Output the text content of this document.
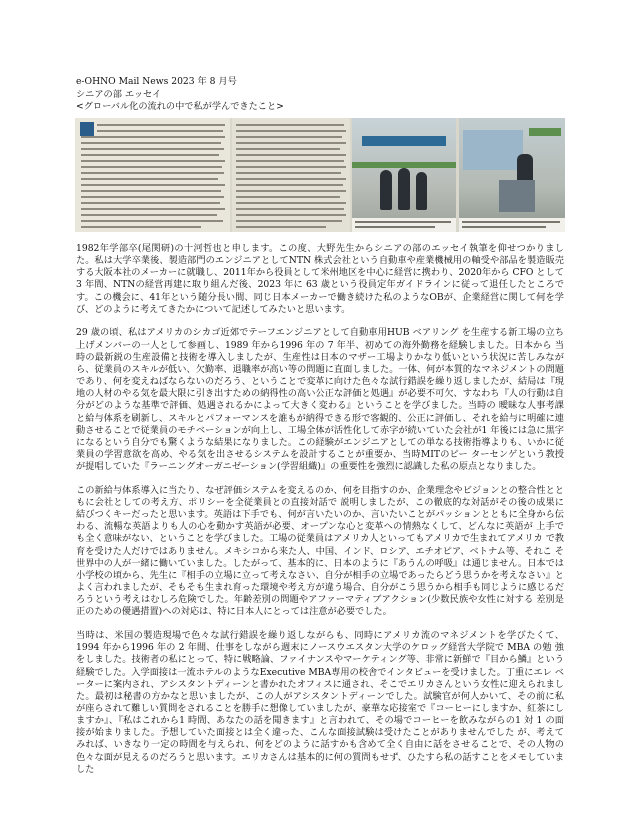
e-OHNO Mail News 2023 年 8 月号
シニアの部 エッセイ
<グローバル化の流れの中で私が学んできたこと>

1982年学部卒(尾関研)の十河哲也と申します。この度、大野先生からシニアの部のエッセイ執筆を仰せつかりました。私は大学卒業後、製造部門のエンジニアとしてNTN 株式会社という自動車や産業機械用の軸受や部品を製造販売する大阪本社のメーカーに就職し、2011年から役員として米州地区を中心に経営に携わり、2020年から CFO として 3 年間、NTNの経営再建に取り組んだ後、2023 年に 63 歳という役員定年ガイドラインに従って退任したところです。この機会に、41年という随分長い間、同じ日本メーカーで働き続けた私のようなOBが、企業経営に関して何を学び、どのように考えてきたかについて記述してみたいと思います。

29 歳の頃、私はアメリカのシカゴ近郊でテーフエンジニアとして自動車用HUB ベアリング を生産する新工場の立ち上げメンバーの一人として参画し、1989 年から1996 年の 7 年半、初めての海外勤務を経験しました。日本から 当時の最新鋭の生産設備と技術を導入しましたが、生産性は日本のマザー工場よりかなり低いという状況に苦しみながら、従業員のスキルが低い、欠勤率、退職率が高い等の問題に直面しました。一体、何が本質的なマネジメントの問題であり、何を変えねばならないのだろう、ということで変革に向けた色々な試行錯誤を繰り返しましたが、結局は『現地の人材のやる気を最大限に引き出すための納得性の高い公正な評価と処遇』が必要不可欠、すなわち『人の行動は自分がどのような基準で評価、処遇されるかによって大きく変わる』ということを学びました。当時の 曖昧な人事考課と給与体系を刷新し、スキルとパフォーマンスを誰もが納得できる形で客観的、公正に評価し、それを給与に明確に連動させることで従業員のモチベーションが向上し、工場全体が活性化して赤字が続いていた会社が1 年後には急に黒字になるという自分でも驚くような結果になりました。この経験がエンジニアとしての単なる技術指導よりも、いかに従業員の学習意欲を高め、やる気を出させるシステムを設計することが重要か、当時MITのピー ターセンゲという教授が提唱していた『ラーニングオーガニゼーション(学習組織)』の重要性を強烈に認識した私の原点となりました。

この新給与体系導入に当たり、なぜ評価システムを変えるのか、何を目指すのか、企業理念やビジョンとの整合性とともに会社としての考え方、ポリシーを全従業員との直接対話で 説明しましたが、この徹底的な対話がその後の成果に結びつくキーだったと思います。英語は下手でも、何が言いたいのか、言いたいことがパッションとともに全身から伝わる、流暢な英語よりも人の心を動かす英語が必要、オープンな心と変革への情熱なくして、どんなに英語が 上手でも全く意味がない、ということを学びました。工場の従業員はアメリカ人といってもアメリカで生まれてアメリカ で教育を受けた人だけではありません。メキシコから来た人、中国、インド、ロシア、エチオピア、ベトナム等、それこ そ世界中の人が一緒に働いていました。したがって、基本的に、日本のように『あうんの呼吸』は通じません。日本では小学校の頃から、先生に『相手の立場に立って考えなさい、自分が相手の立場であったらどう思うかを考えなさい』とよく言われましたが、そもそも生まれ育った環境や考え方が違う場合、自分がこう思うから相手も同じように感じるだろうという考えはむしろ危険でした。年齢差別の問題やアファーマティブアクション(少数民族や女性に対する 差別是正のための優遇措置)への対応は、特に日本人にとっては注意が必要でした。

当時は、米国の製造現場で色々な試行錯誤を繰り返しながらも、同時にアメリカ流のマネジメントを学びたくて、1994 年から1996 年の 2 年間、仕事をしながら週末にノースウエスタン大学のケロッグ経営大学院で MBA の勉 強をしました。技術者の私にとって、特に戦略論、ファイナンスやマーケティング等、非常に新鮮で『目から鱗』という 経験でした。入学面接は一流ホテルのようなExecutive MBA専用の校舎でインタビューを受けました。丁重にエレ ベーターに案内され、アシスタントディーンと書かれたオフィスに通され、そこでエリカさんという女性に迎えられました。最初は秘書の方かなと思いましたが、この人がアシスタントディーンでした。試験官が何人かいて、その前に私 が座らされて難しい質問をされることを勝手に想像していましたが、豪華な応接室で『コーヒーにしますか、紅茶にし ますか』、『私はこれから1 時間、あなたの話を聞きます』と言われて、その場でコーヒーを飲みながらの1 対 1 の面接が始まりました。予想していた面接とは全く違った、こんな面接試験は受けたことがありませんでした が、考えてみれば、いきなり一定の時間を与えられ、何をどのように話すかも含めて全く自由に話をさせることで、その人物の色々な面が見えるのだろうと思います。エリカさんは基本的に何の質問もせず、ひたすら私の話すことをメモしていました
